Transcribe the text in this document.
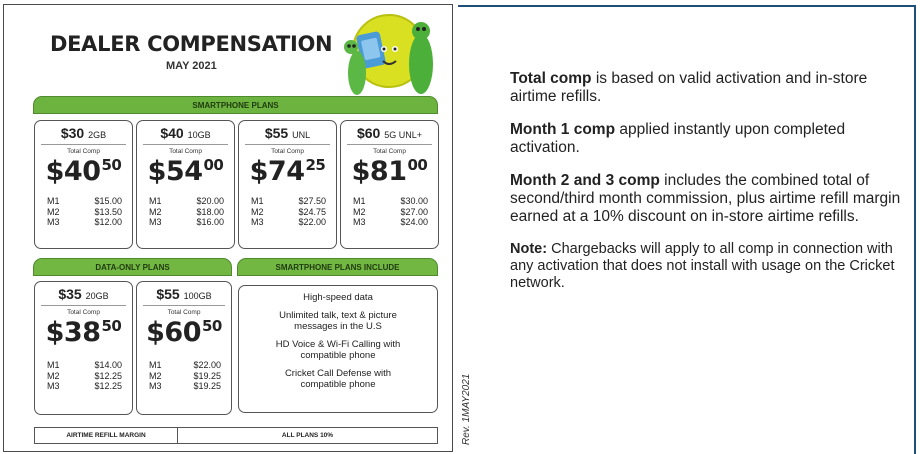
DEALER COMPENSATION
MAY 2021
SMARTPHONE PLANS
$30 2GB
Total Comp
$\$40^{50}$
M1	$15.00
M2	$13.50
M3	$12.00
$40 10GB
Total Comp
$\$54^{00}$
M1	$20.00
M2	$18.00
M3	$16.00
$55 UNL
Total Comp
$\$74^{25}$
M1	$27.50
M2	$24.75
M3	$22.00
$60 5G UNL+
Total Comp
$\$81^{00}$
M1	$30.00
M2	$27.00
M3	$24.00
DATA-ONLY PLANS	SMARTPHONE PLANS INCLUDE
$35 20GB
Total Comp
$\$38^{50}$
M1	$14.00
M2	$12.25
M3	$12.25
$55 100GB
Total Comp
$\$60^{50}$
M1	$22.00
M2	$19.25
M3	$19.25
High-speed data
Unlimited talk, text & picture messages in the U.S
HD Voice & Wi-Fi Calling with compatible phone
Cricket Call Defense with compatible phone
AIRTIME REFILL MARGIN	ALL PLANS 10%	Rev. 1MAY2021

Total comp is based on valid activation and in-store airtime refills.

Month 1 comp applied instantly upon completed activation.

Month 2 and 3 comp includes the combined total of second/third month commission, plus airtime refill margin earned at a 10% discount on in-store airtime refills.

Note: Chargebacks will apply to all comp in connection with any activation that does not install with usage on the Cricket network.
